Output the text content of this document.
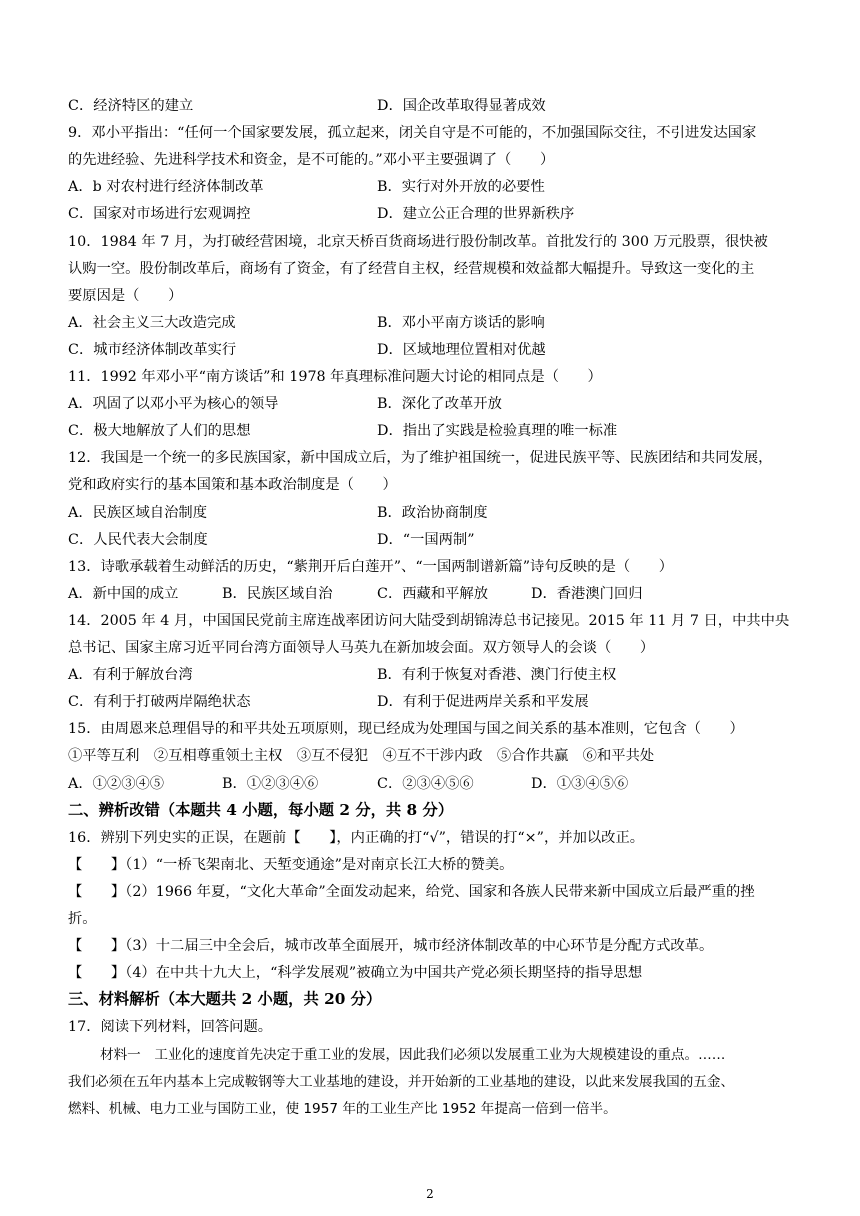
C．经济特区的建立	D．国企改革取得显著成效
9．邓小平指出：“任何一个国家要发展，孤立起来，闭关自守是不可能的，不加强国际交往，不引进发达国家
的先进经验、先进科学技术和资金，是不可能的。”邓小平主要强调了（　　）
A．b 对农村进行经济体制改革	B．实行对外开放的必要性
C．国家对市场进行宏观调控	D．建立公正合理的世界新秩序
10．1984 年 7 月，为打破经营困境，北京天桥百货商场进行股份制改革。首批发行的 300 万元股票，很快被
认购一空。股份制改革后，商场有了资金，有了经营自主权，经营规模和效益都大幅提升。导致这一变化的主
要原因是（　　）
A．社会主义三大改造完成	B．邓小平南方谈话的影响
C．城市经济体制改革实行	D．区域地理位置相对优越
11．1992 年邓小平“南方谈话”和 1978 年真理标准问题大讨论的相同点是（　　）
A．巩固了以邓小平为核心的领导	B．深化了改革开放
C．极大地解放了人们的思想	D．指出了实践是检验真理的唯一标准
12．我国是一个统一的多民族国家，新中国成立后，为了维护祖国统一，促进民族平等、民族团结和共同发展，
党和政府实行的基本国策和基本政治制度是（　　）
A．民族区域自治制度	B．政治协商制度
C．人民代表大会制度	D．“一国两制”
13．诗歌承载着生动鲜活的历史，“紫荆开后白莲开”、“一国两制谱新篇”诗句反映的是（　　）
A．新中国的成立	B．民族区域自治	C．西藏和平解放	D．香港澳门回归
14．2005 年 4 月，中国国民党前主席连战率团访问大陆受到胡锦涛总书记接见。2015 年 11 月 7 日，中共中央
总书记、国家主席习近平同台湾方面领导人马英九在新加坡会面。双方领导人的会谈（　　）
A．有利于解放台湾	B．有利于恢复对香港、澳门行使主权
C．有利于打破两岸隔绝状态	D．有利于促进两岸关系和平发展
15．由周恩来总理倡导的和平共处五项原则，现已经成为处理国与国之间关系的基本准则，它包含（　　）
①平等互利　②互相尊重领土主权　③互不侵犯　④互不干涉内政　⑤合作共赢　⑥和平共处
A．①②③④⑤	B．①②③④⑥	C．②③④⑤⑥	D．①③④⑤⑥
二、辨析改错（本题共 4 小题，每小题 2 分，共 8 分）
16．辨别下列史实的正误，在题前【　　】，内正确的打“√”，错误的打“×”，并加以改正。
【　　】（1）“一桥飞架南北、天堑变通途”是对南京长江大桥的赞美。
【　　】（2）1966 年夏，“文化大革命”全面发动起来，给党、国家和各族人民带来新中国成立后最严重的挫
折。
【　　】（3）十二届三中全会后，城市改革全面展开，城市经济体制改革的中心环节是分配方式改革。
【　　】（4）在中共十九大上，“科学发展观”被确立为中国共产党必须长期坚持的指导思想
三、材料解析（本大题共 2 小题，共 20 分）
17．阅读下列材料，回答问题。
材料一　工业化的速度首先决定于重工业的发展，因此我们必须以发展重工业为大规模建设的重点。……
我们必须在五年内基本上完成鞍钢等大工业基地的建设，并开始新的工业基地的建设，以此来发展我国的五金、
燃料、机械、电力工业与国防工业，使 1957 年的工业生产比 1952 年提高一倍到一倍半。
2
